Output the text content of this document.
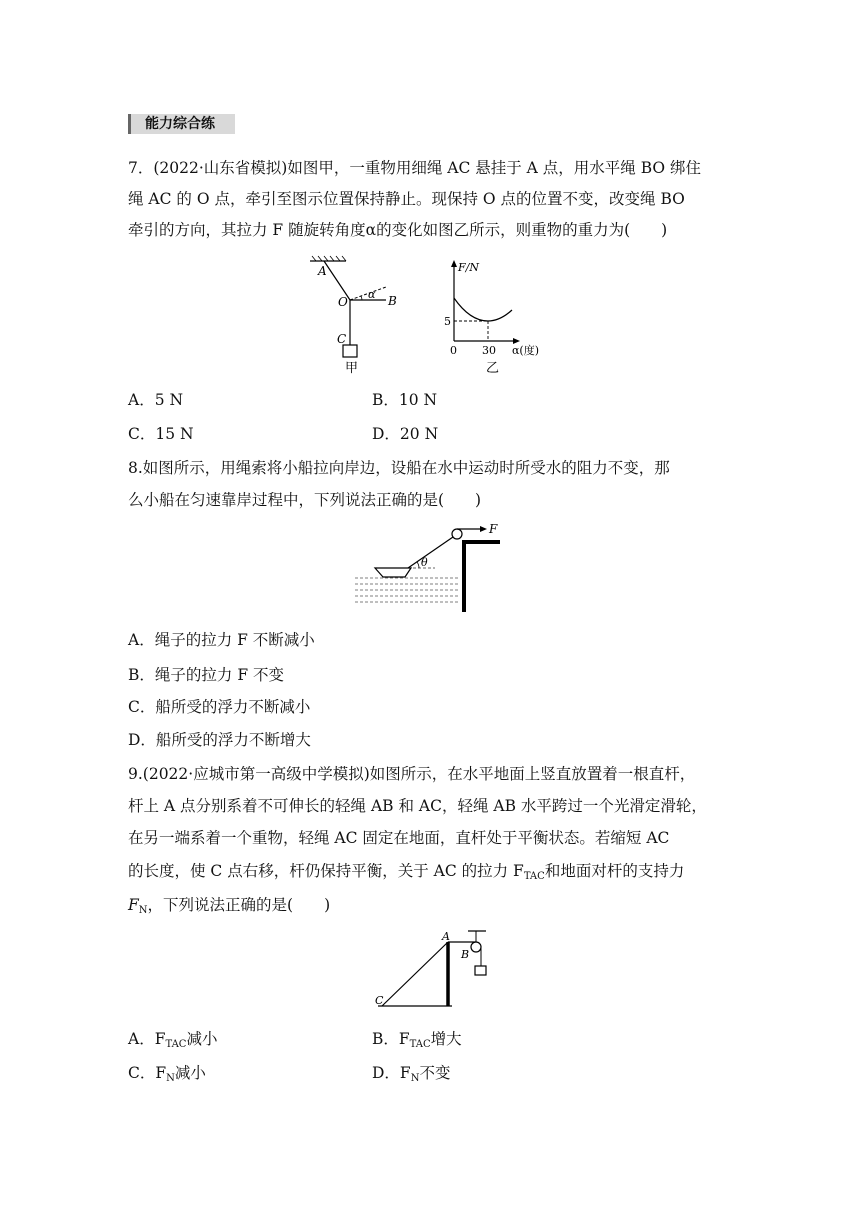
能力综合练
7．(2022·山东省模拟)如图甲，一重物用细绳 AC 悬挂于 A 点，用水平绳 BO 绑住
绳 AC 的 O 点，牵引至图示位置保持静止。现保持 O 点的位置不变，改变绳 BO
牵引的方向，其拉力 F 随旋转角度α的变化如图乙所示，则重物的重力为(　　)
A
O	B
C
α
甲
F/N
5
0 30 α(度)
乙
A．5 N	B．10 N
C．15 N	D．20 N
8.如图所示，用绳索将小船拉向岸边，设船在水中运动时所受水的阻力不变，那
么小船在匀速靠岸过程中，下列说法正确的是(　　)
F
θ
A．绳子的拉力 F 不断减小
B．绳子的拉力 F 不变
C．船所受的浮力不断减小
D．船所受的浮力不断增大
9.(2022·应城市第一高级中学模拟)如图所示，在水平地面上竖直放置着一根直杆，
杆上 A 点分别系着不可伸长的轻绳 AB 和 AC，轻绳 AB 水平跨过一个光滑定滑轮，
在另一端系着一个重物，轻绳 AC 固定在地面，直杆处于平衡状态。若缩短 AC
的长度，使 C 点右移，杆仍保持平衡，关于 AC 的拉力 $F_{TAC}$和地面对杆的支持力
$F_N$，下列说法正确的是(　　)
A
B
C
A．$F_{TAC}$减小	B．$F_{TAC}$增大
C．$F_N$减小	D．$F_N$不变
